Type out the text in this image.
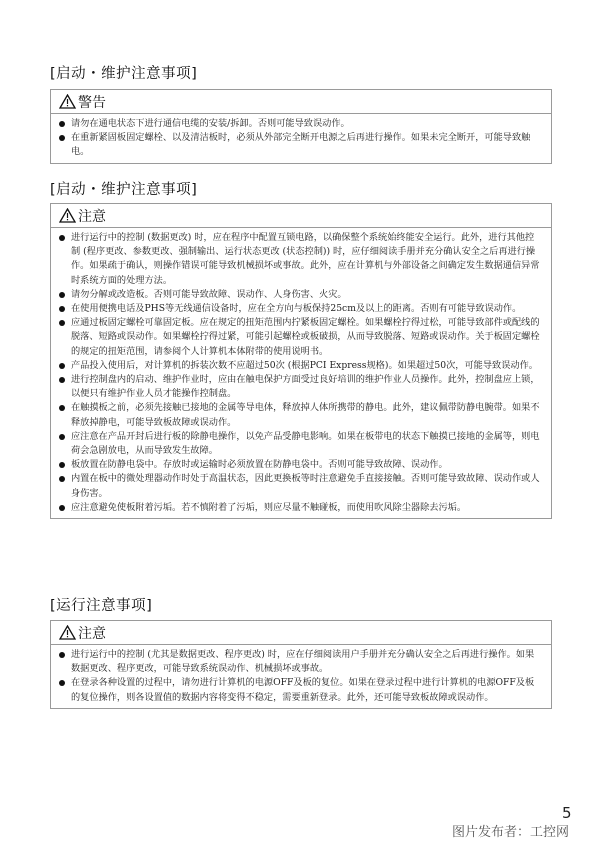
[启动・维护注意事项]
警告
请勿在通电状态下进行通信电缆的安装/拆卸。否则可能导致误动作。
在重新紧固板固定螺栓、以及清洁板时，必须从外部完全断开电源之后再进行操作。如果未完全断开，可能导致触电。
[启动・维护注意事项]
注意
进行运行中的控制 (数据更改) 时，应在程序中配置互锁电路，以确保整个系统始终能安全运行。此外，进行其他控制 (程序更改、参数更改、强制输出、运行状态更改 (状态控制)) 时，应仔细阅读手册并充分确认安全之后再进行操作。如果疏于确认，则操作错误可能导致机械损坏或事故。此外，应在计算机与外部设备之间确定发生数据通信异常时系统方面的处理方法。
请勿分解或改造板。否则可能导致故障、误动作、人身伤害、火灾。
在使用便携电话及PHS等无线通信设备时，应在全方向与板保持25cm及以上的距离。否则有可能导致误动作。
应通过板固定螺栓可靠固定板。应在规定的扭矩范围内拧紧板固定螺栓。如果螺栓拧得过松，可能导致部件或配线的脱落、短路或误动作。如果螺栓拧得过紧，可能引起螺栓或板破损，从而导致脱落、短路或误动作。关于板固定螺栓的规定的扭矩范围，请参阅个人计算机本体附带的使用说明书。
产品投入使用后，对计算机的拆装次数不应超过50次 (根据PCI Express规格)。如果超过50次，可能导致误动作。
进行控制盘内的启动、维护作业时，应由在触电保护方面受过良好培训的维护作业人员操作。此外，控制盘应上锁，以便只有维护作业人员才能操作控制盘。
在触摸板之前，必须先接触已接地的金属等导电体，释放掉人体所携带的静电。此外，建议佩带防静电腕带。如果不释放掉静电，可能导致板故障或误动作。
应注意在产品开封后进行板的除静电操作，以免产品受静电影响。如果在板带电的状态下触摸已接地的金属等，则电荷会急剧放电，从而导致发生故障。
板放置在防静电袋中。存放时或运输时必须放置在防静电袋中。否则可能导致故障、误动作。
内置在板中的微处理器动作时处于高温状态，因此更换板等时注意避免手直接接触。否则可能导致故障、误动作或人身伤害。
应注意避免使板附着污垢。若不慎附着了污垢，则应尽量不触碰板，而使用吹风除尘器除去污垢。
[运行注意事项]
注意
进行运行中的控制 (尤其是数据更改、程序更改) 时，应在仔细阅读用户手册并充分确认安全之后再进行操作。如果数据更改、程序更改，可能导致系统误动作、机械损坏或事故。
在登录各种设置的过程中，请勿进行计算机的电源OFF及板的复位。如果在登录过程中进行计算机的电源OFF及板的复位操作，则各设置值的数据内容将变得不稳定，需要重新登录。此外，还可能导致板故障或误动作。
5
图片发布者：工控网
